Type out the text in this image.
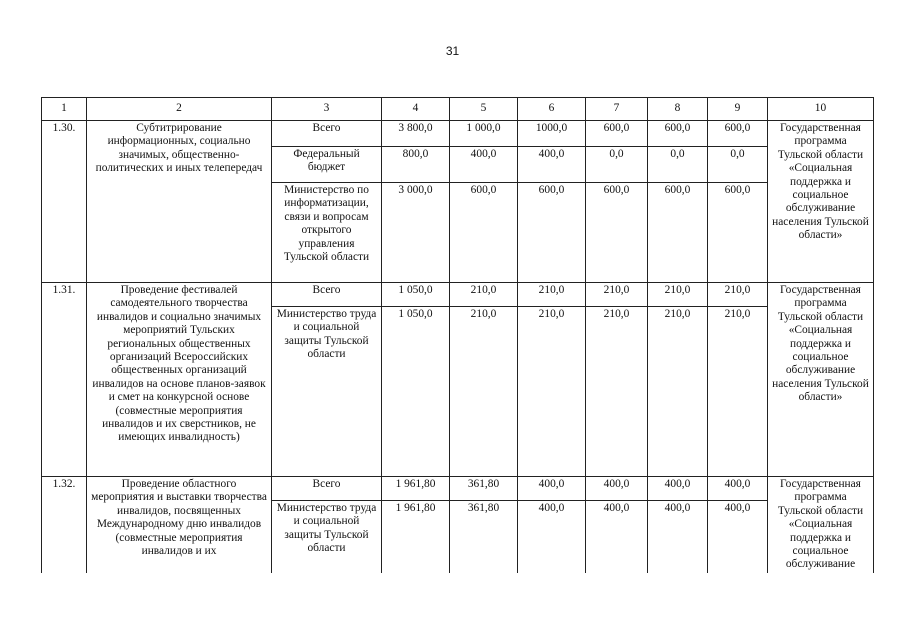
31
1	2	3	4	5	6	7	8	9	10
1.30.	Субтитрирование информационных, социально значимых, общественно-политических и иных телепередач	Всего	3 800,0	1 000,0	1000,0	600,0	600,0	600,0	Государственная программа Тульской области «Социальная поддержка и социальное обслуживание населения Тульской области»
		Федеральный бюджет	800,0	400,0	400,0	0,0	0,0	0,0	
		Министерство по информатизации, связи и вопросам открытого управления Тульской области	3 000,0	600,0	600,0	600,0	600,0	600,0	
1.31.	Проведение фестивалей самодеятельного творчества инвалидов и социально значимых мероприятий Тульских региональных общественных организаций Всероссийских общественных организаций инвалидов на основе планов-заявок и смет на конкурсной основе (совместные мероприятия инвалидов и их сверстников, не имеющих инвалидность)	Всего	1 050,0	210,0	210,0	210,0	210,0	210,0	Государственная программа Тульской области «Социальная поддержка и социальное обслуживание населения Тульской области»
		Министерство труда и социальной защиты Тульской области	1 050,0	210,0	210,0	210,0	210,0	210,0	
1.32.	Проведение областного мероприятия и выставки творчества инвалидов, посвященных Международному дню инвалидов (совместные мероприятия инвалидов и их	Всего	1 961,80	361,80	400,0	400,0	400,0	400,0	Государственная программа Тульской области «Социальная поддержка и социальное обслуживание
		Министерство труда и социальной защиты Тульской области	1 961,80	361,80	400,0	400,0	400,0	400,0	
